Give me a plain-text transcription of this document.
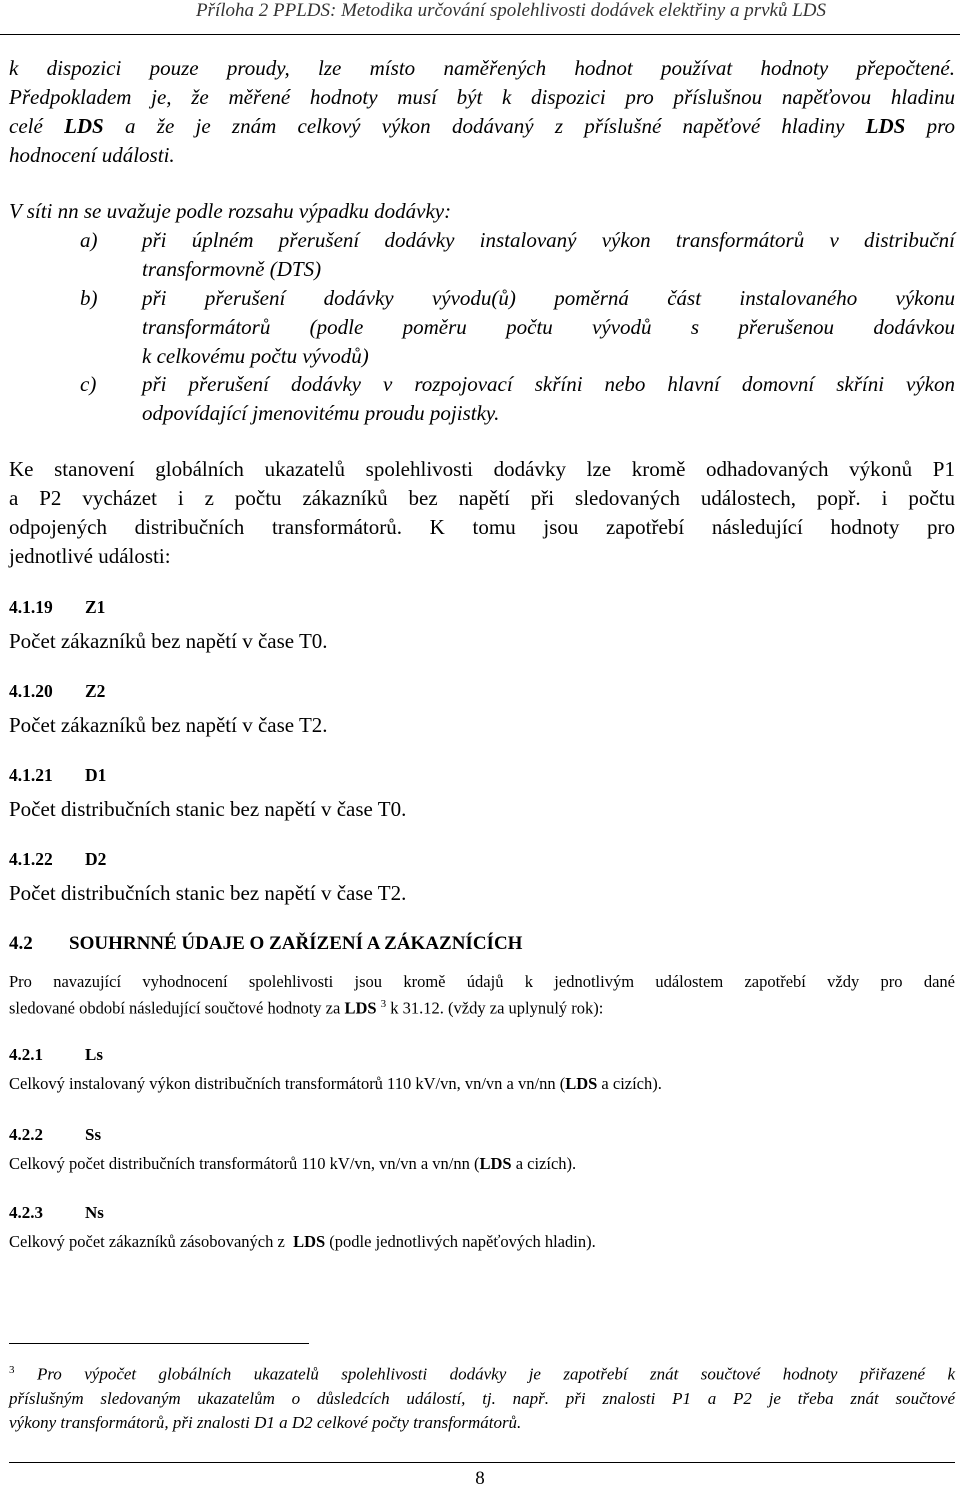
Příloha 2 PPLDS: Metodika určování spolehlivosti dodávek elektřiny a prvků LDS
k dispozici pouze proudy, lze místo naměřených hodnot používat hodnoty přepočtené.
Předpokladem je, že měřené hodnoty musí být k dispozici pro příslušnou napěťovou hladinu
celé LDS a že je znám celkový výkon dodávaný z příslušné napěťové hladiny LDS pro
hodnocení události.
V síti nn se uvažuje podle rozsahu výpadku dodávky:
a) při úplném přerušení dodávky instalovaný výkon transformátorů v distribuční
transformovně (DTS)
b) při přerušení dodávky vývodu(ů) poměrná část instalovaného výkonu
transformátorů (podle poměru počtu vývodů s přerušenou dodávkou
k celkovému počtu vývodů)
c) při přerušení dodávky v rozpojovací skříni nebo hlavní domovní skříni výkon
odpovídající jmenovitému proudu pojistky.
Ke stanovení globálních ukazatelů spolehlivosti dodávky lze kromě odhadovaných výkonů P1
a P2 vycházet i z počtu zákazníků bez napětí při sledovaných událostech, popř. i počtu
odpojených distribučních transformátorů. K tomu jsou zapotřebí následující hodnoty pro
jednotlivé události:
4.1.19 Z1
Počet zákazníků bez napětí v čase T0.
4.1.20 Z2
Počet zákazníků bez napětí v čase T2.
4.1.21 D1
Počet distribučních stanic bez napětí v čase T0.
4.1.22 D2
Počet distribučních stanic bez napětí v čase T2.
4.2 SOUHRNNÉ ÚDAJE O ZAŘÍZENÍ A ZÁKAZNÍCÍCH
Pro navazující vyhodnocení spolehlivosti jsou kromě údajů k jednotlivým událostem zapotřebí vždy pro dané
sledované období následující součtové hodnoty za LDS $^3$ k 31.12. (vždy za uplynulý rok):
4.2.1 Ls
Celkový instalovaný výkon distribučních transformátorů 110 kV/vn, vn/vn a vn/nn (LDS a cizích).
4.2.2 Ss
Celkový počet distribučních transformátorů 110 kV/vn, vn/vn a vn/nn (LDS a cizích).
4.2.3 Ns
Celkový počet zákazníků zásobovaných z  LDS (podle jednotlivých napěťových hladin).
$^3$ Pro výpočet globálních ukazatelů spolehlivosti dodávky je zapotřebí znát součtové hodnoty přiřazené k
příslušným sledovaným ukazatelům o důsledcích událostí, tj. např. při znalosti P1 a P2 je třeba znát součtové
výkony transformátorů, při znalosti D1 a D2 celkové počty transformátorů.
8
